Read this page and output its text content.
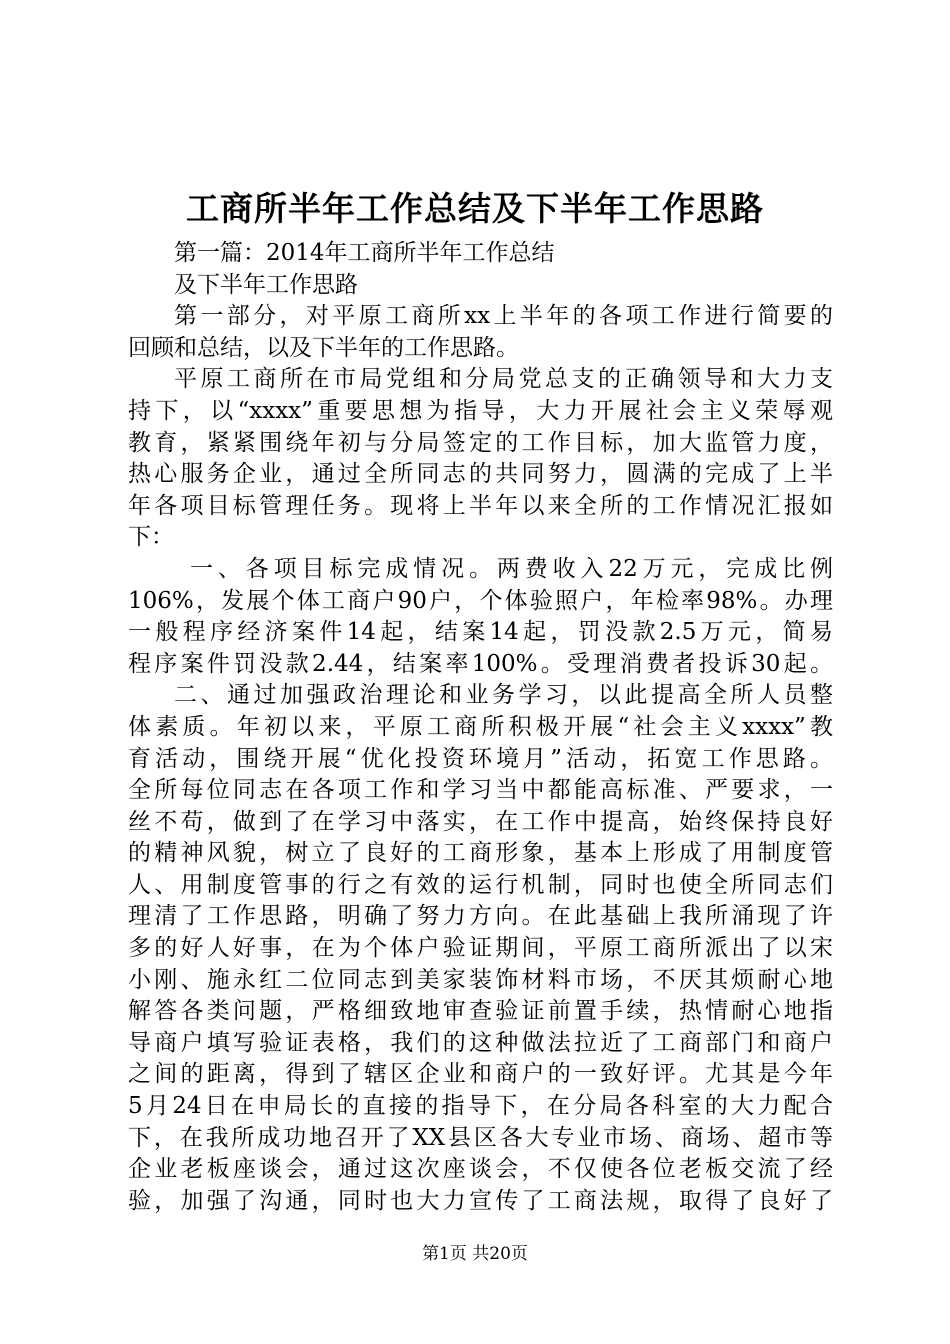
工商所半年工作总结及下半年工作思路
第一篇：2014年工商所半年工作总结
及下半年工作思路
第一部分，对平原工商所xx上半年的各项工作进行简要的
回顾和总结，以及下半年的工作思路。
平原工商所在市局党组和分局党总支的正确领导和大力支
持下，以“xxxx”重要思想为指导，大力开展社会主义荣辱观
教育，紧紧围绕年初与分局签定的工作目标，加大监管力度，
热心服务企业，通过全所同志的共同努力，圆满的完成了上半
年各项目标管理任务。现将上半年以来全所的工作情况汇报如
下：
一、各项目标完成情况。两费收入22万元，完成比例
106%，发展个体工商户90户，个体验照户，年检率98%。办理
一般程序经济案件14起，结案14起，罚没款2.5万元，简易
程序案件罚没款2.44，结案率100%。受理消费者投诉30起。
二、通过加强政治理论和业务学习，以此提高全所人员整
体素质。年初以来，平原工商所积极开展“社会主义xxxx”教
育活动，围绕开展“优化投资环境月”活动，拓宽工作思路。
全所每位同志在各项工作和学习当中都能高标准、严要求，一
丝不苟，做到了在学习中落实，在工作中提高，始终保持良好
的精神风貌，树立了良好的工商形象，基本上形成了用制度管
人、用制度管事的行之有效的运行机制，同时也使全所同志们
理清了工作思路，明确了努力方向。在此基础上我所涌现了许
多的好人好事，在为个体户验证期间，平原工商所派出了以宋
小刚、施永红二位同志到美家装饰材料市场，不厌其烦耐心地
解答各类问题，严格细致地审查验证前置手续，热情耐心地指
导商户填写验证表格，我们的这种做法拉近了工商部门和商户
之间的距离，得到了辖区企业和商户的一致好评。尤其是今年
5月24日在申局长的直接的指导下，在分局各科室的大力配合
下，在我所成功地召开了XX县区各大专业市场、商场、超市等
企业老板座谈会，通过这次座谈会，不仅使各位老板交流了经
验，加强了沟通，同时也大力宣传了工商法规，取得了良好了
第1页 共20页
